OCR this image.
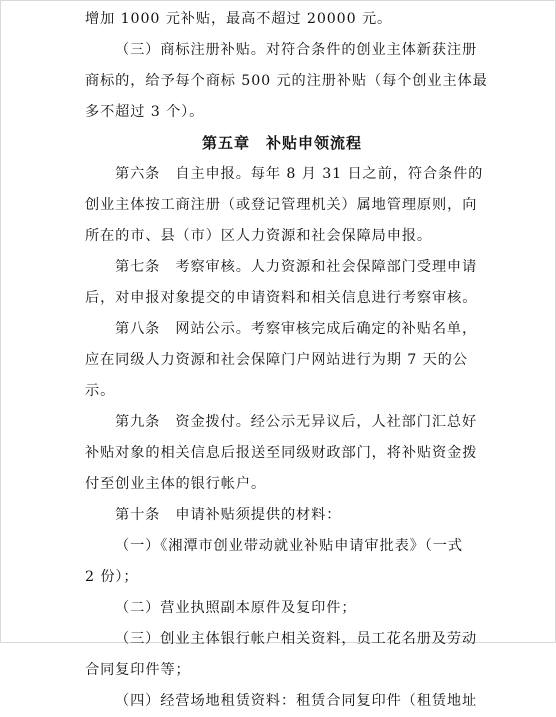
增加 1000 元补贴，最高不超过 20000 元。
（三）商标注册补贴。对符合条件的创业主体新获注册
商标的，给予每个商标 500 元的注册补贴（每个创业主体最
多不超过 3 个）。
第五章　补贴申领流程
第六条　自主申报。每年 8 月 31 日之前，符合条件的
创业主体按工商注册（或登记管理机关）属地管理原则，向
所在的市、县（市）区人力资源和社会保障局申报。
第七条　考察审核。人力资源和社会保障部门受理申请
后，对申报对象提交的申请资料和相关信息进行考察审核。
第八条　网站公示。考察审核完成后确定的补贴名单，
应在同级人力资源和社会保障门户网站进行为期 7 天的公
示。
第九条　资金拨付。经公示无异议后，人社部门汇总好
补贴对象的相关信息后报送至同级财政部门，将补贴资金拨
付至创业主体的银行帐户。
第十条　申请补贴须提供的材料：
（一）《湘潭市创业带动就业补贴申请审批表》（一式
2 份）；
（二）营业执照副本原件及复印件；
（三）创业主体银行帐户相关资料，员工花名册及劳动
合同复印件等；
（四）经营场地租赁资料：租赁合同复印件（租赁地址
